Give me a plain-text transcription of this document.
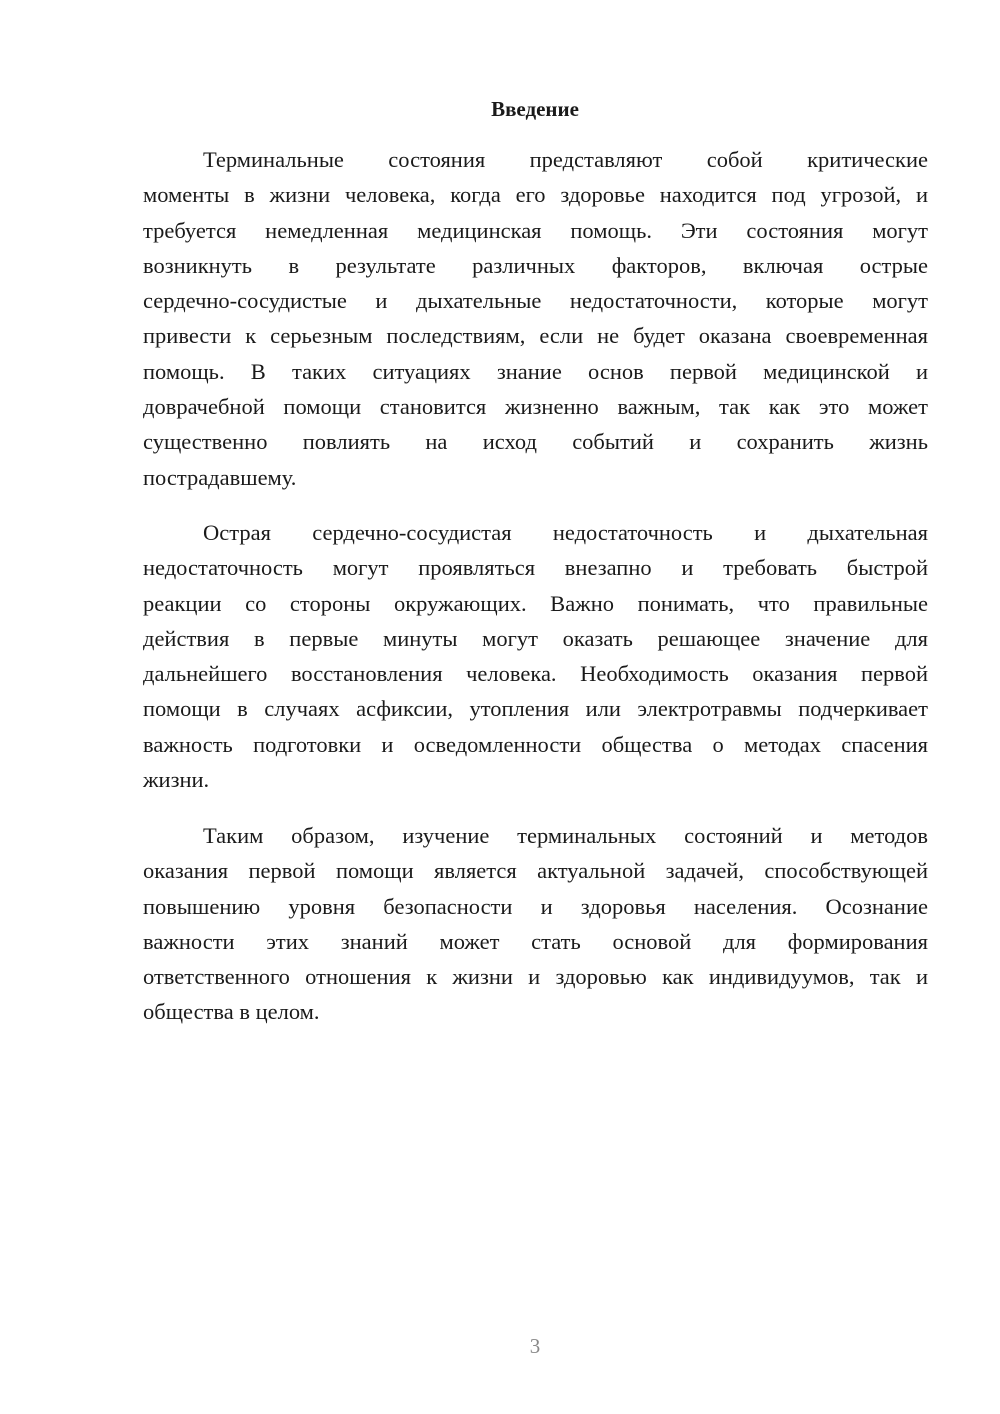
Введение
Терминальные состояния представляют собой критические
моменты в жизни человека, когда его здоровье находится под угрозой, и
требуется немедленная медицинская помощь. Эти состояния могут
возникнуть в результате различных факторов, включая острые
сердечно-сосудистые и дыхательные недостаточности, которые могут
привести к серьезным последствиям, если не будет оказана своевременная
помощь. В таких ситуациях знание основ первой медицинской и
доврачебной помощи становится жизненно важным, так как это может
существенно повлиять на исход событий и сохранить жизнь
пострадавшему.
Острая сердечно-сосудистая недостаточность и дыхательная
недостаточность могут проявляться внезапно и требовать быстрой
реакции со стороны окружающих. Важно понимать, что правильные
действия в первые минуты могут оказать решающее значение для
дальнейшего восстановления человека. Необходимость оказания первой
помощи в случаях асфиксии, утопления или электротравмы подчеркивает
важность подготовки и осведомленности общества о методах спасения
жизни.
Таким образом, изучение терминальных состояний и методов
оказания первой помощи является актуальной задачей, способствующей
повышению уровня безопасности и здоровья населения. Осознание
важности этих знаний может стать основой для формирования
ответственного отношения к жизни и здоровью как индивидуумов, так и
общества в целом.
3
